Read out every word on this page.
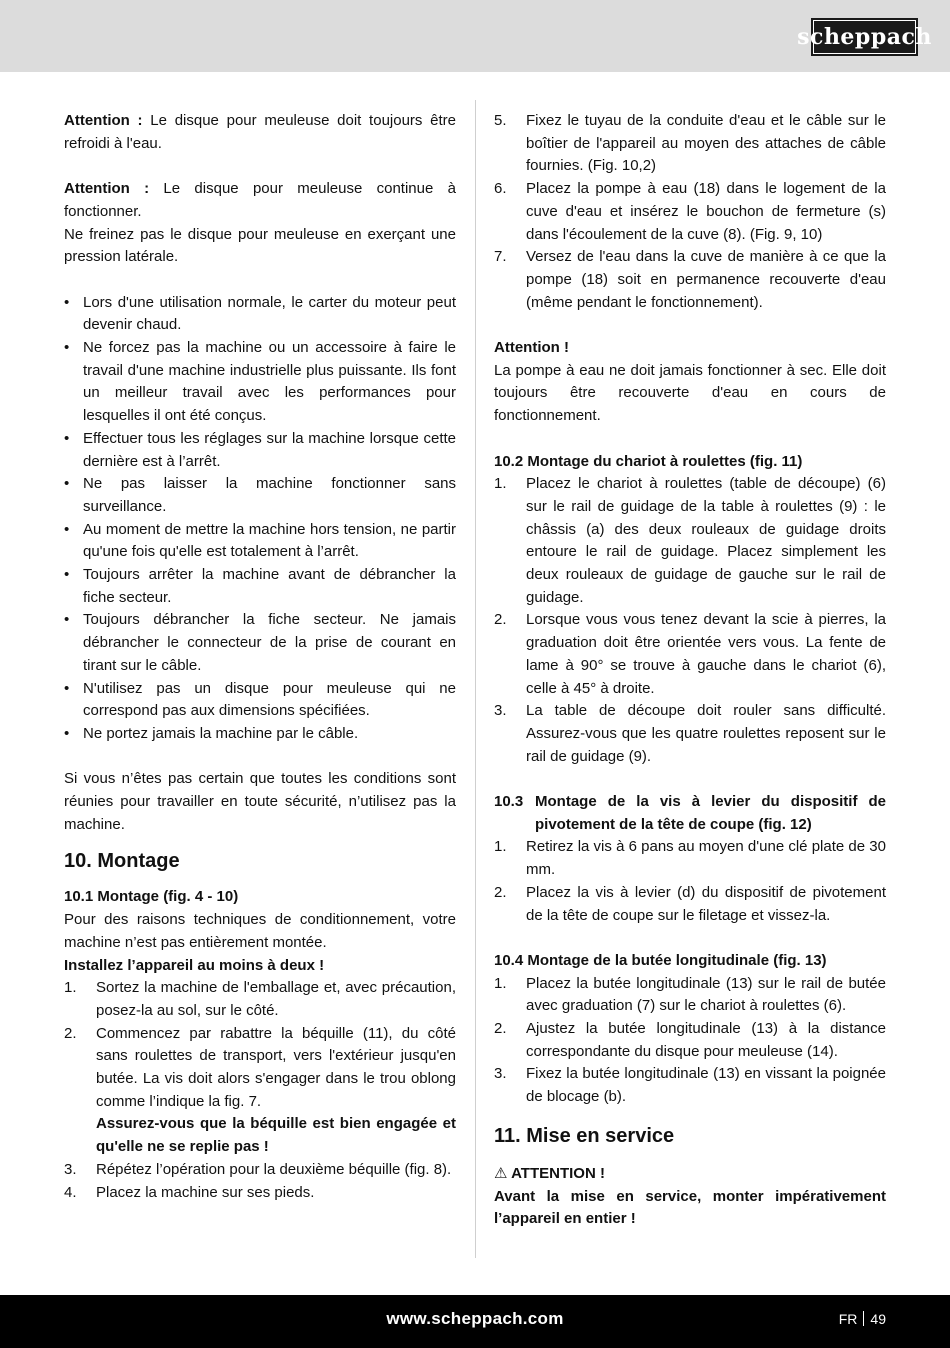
scheppach

Attention : Le disque pour meuleuse doit toujours être refroidi à l'eau.

Attention : Le disque pour meuleuse continue à fonctionner.

Ne freinez pas le disque pour meuleuse en exerçant une pression latérale.

• Lors d'une utilisation normale, le carter du moteur peut devenir chaud.
• Ne forcez pas la machine ou un accessoire à faire le travail d'une machine industrielle plus puissante. Ils font un meilleur travail avec les performances pour lesquelles il ont été conçus.
• Effectuer tous les réglages sur la machine lorsque cette dernière est à l’arrêt.
• Ne pas laisser la machine fonctionner sans surveillance.
• Au moment de mettre la machine hors tension, ne partir qu'une fois qu'elle est totalement à l’arrêt.
• Toujours arrêter la machine avant de débrancher la fiche secteur.
• Toujours débrancher la fiche secteur. Ne jamais débrancher le connecteur de la prise de courant en tirant sur le câble.
• N'utilisez pas un disque pour meuleuse qui ne correspond pas aux dimensions spécifiées.
• Ne portez jamais la machine par le câble.

Si vous n’êtes pas certain que toutes les conditions sont réunies pour travailler en toute sécurité, n’utilisez pas la machine.

10. Montage
10.1 Montage (fig. 4 - 10)

Pour des raisons techniques de conditionnement, votre machine n’est pas entièrement montée.

Installez l’appareil au moins à deux !

1. Sortez la machine de l'emballage et, avec précaution, posez-la au sol, sur le côté.
2. Commencez par rabattre la béquille (11), du côté sans roulettes de transport, vers l'extérieur jusqu'en butée. La vis doit alors s'engager dans le trou oblong comme l’indique la fig. 7.
Assurez-vous que la béquille est bien engagée et qu'elle ne se replie pas !
3. Répétez l’opération pour la deuxième béquille (fig. 8).
4. Placez la machine sur ses pieds.
5. Fixez le tuyau de la conduite d'eau et le câble sur le boîtier de l'appareil au moyen des attaches de câble fournies. (Fig. 10,2)
6. Placez la pompe à eau (18) dans le logement de la cuve d'eau et insérez le bouchon de fermeture (s) dans l'écoulement de la cuve (8). (Fig. 9, 10)
7. Versez de l'eau dans la cuve de manière à ce que la pompe (18) soit en permanence recouverte d'eau (même pendant le fonctionnement).
Attention !

La pompe à eau ne doit jamais fonctionner à sec. Elle doit toujours être recouverte d'eau en cours de fonctionnement.

10.2 Montage du chariot à roulettes (fig. 11)
1. Placez le chariot à roulettes (table de découpe) (6) sur le rail de guidage de la table à roulettes (9) : le châssis (a) des deux rouleaux de guidage droits entoure le rail de guidage. Placez simplement les deux rouleaux de guidage de gauche sur le rail de guidage.
2. Lorsque vous vous tenez devant la scie à pierres, la graduation doit être orientée vers vous. La fente de lame à 90° se trouve à gauche dans le chariot (6), celle à 45° à droite.
3. La table de découpe doit rouler sans difficulté. Assurez-vous que les quatre roulettes reposent sur le rail de guidage (9).
10.3 Montage de la vis à levier du dispositif de pivotement de la tête de coupe (fig. 12)
1. Retirez la vis à 6 pans au moyen d'une clé plate de 30 mm.
2. Placez la vis à levier (d) du dispositif de pivotement de la tête de coupe sur le filetage et vissez-la.
10.4 Montage de la butée longitudinale (fig. 13)
1. Placez la butée longitudinale (13) sur le rail de butée avec graduation (7) sur le chariot à roulettes (6).
2. Ajustez la butée longitudinale (13) à la distance correspondante du disque pour meuleuse (14).
3. Fixez la butée longitudinale (13) en vissant la poignée de blocage (b).
11. Mise en service
⚠ ATTENTION !

Avant la mise en service, monter impérativement l’appareil en entier !

www.scheppach.com	FR 49
